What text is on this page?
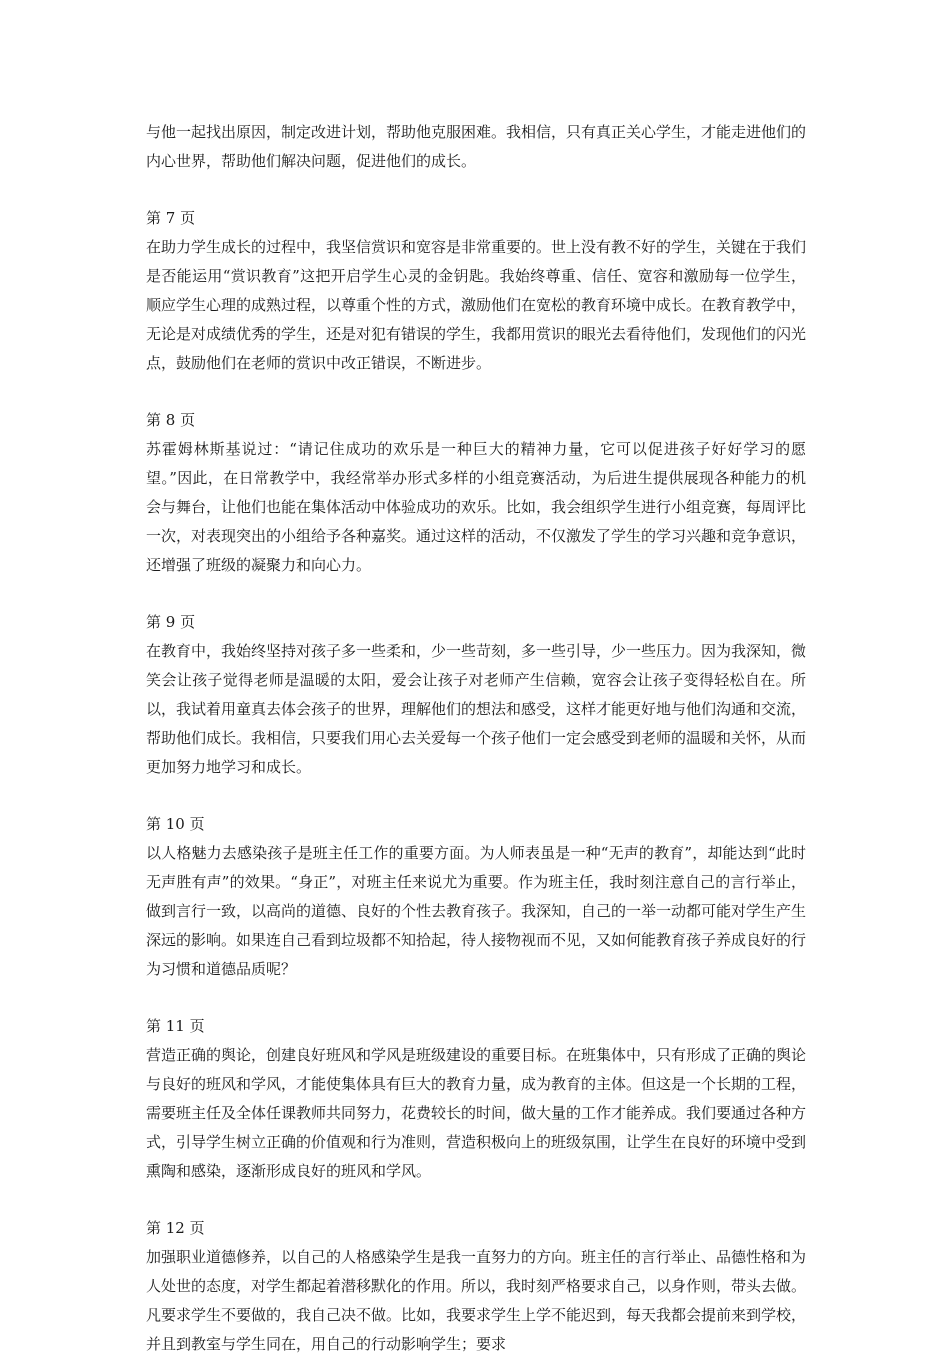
与他一起找出原因，制定改进计划，帮助他克服困难。我相信，只有真正关心学生，才能走进他们的内心世界，帮助他们解决问题，促进他们的成长。

第 7 页

在助力学生成长的过程中，我坚信赏识和宽容是非常重要的。世上没有教不好的学生，关键在于我们是否能运用“赏识教育”这把开启学生心灵的金钥匙。我始终尊重、信任、宽容和激励每一位学生，顺应学生心理的成熟过程，以尊重个性的方式，激励他们在宽松的教育环境中成长。在教育教学中，无论是对成绩优秀的学生，还是对犯有错误的学生，我都用赏识的眼光去看待他们，发现他们的闪光点，鼓励他们在老师的赏识中改正错误，不断进步。

第 8 页

苏霍姆林斯基说过：“请记住成功的欢乐是一种巨大的精神力量，它可以促进孩子好好学习的愿望。”因此，在日常教学中，我经常举办形式多样的小组竞赛活动，为后进生提供展现各种能力的机会与舞台，让他们也能在集体活动中体验成功的欢乐。比如，我会组织学生进行小组竞赛，每周评比一次，对表现突出的小组给予各种嘉奖。通过这样的活动，不仅激发了学生的学习兴趣和竞争意识，还增强了班级的凝聚力和向心力。

第 9 页

在教育中，我始终坚持对孩子多一些柔和，少一些苛刻，多一些引导，少一些压力。因为我深知，微笑会让孩子觉得老师是温暖的太阳，爱会让孩子对老师产生信赖，宽容会让孩子变得轻松自在。所以，我试着用童真去体会孩子的世界，理解他们的想法和感受，这样才能更好地与他们沟通和交流，帮助他们成长。我相信，只要我们用心去关爱每一个孩子他们一定会感受到老师的温暖和关怀，从而更加努力地学习和成长。

第 10 页

以人格魅力去感染孩子是班主任工作的重要方面。为人师表虽是一种“无声的教育”，却能达到“此时无声胜有声”的效果。“身正”，对班主任来说尤为重要。作为班主任，我时刻注意自己的言行举止，做到言行一致，以高尚的道德、良好的个性去教育孩子。我深知，自己的一举一动都可能对学生产生深远的影响。如果连自己看到垃圾都不知拾起，待人接物视而不见，又如何能教育孩子养成良好的行为习惯和道德品质呢？

第 11 页

营造正确的舆论，创建良好班风和学风是班级建设的重要目标。在班集体中，只有形成了正确的舆论与良好的班风和学风，才能使集体具有巨大的教育力量，成为教育的主体。但这是一个长期的工程，需要班主任及全体任课教师共同努力，花费较长的时间，做大量的工作才能养成。我们要通过各种方式，引导学生树立正确的价值观和行为准则，营造积极向上的班级氛围，让学生在良好的环境中受到熏陶和感染，逐渐形成良好的班风和学风。

第 12 页

加强职业道德修养，以自己的人格感染学生是我一直努力的方向。班主任的言行举止、品德性格和为人处世的态度，对学生都起着潜移默化的作用。所以，我时刻严格要求自己，以身作则，带头去做。凡要求学生不要做的，我自己决不做。比如，我要求学生上学不能迟到，每天我都会提前来到学校，并且到教室与学生同在，用自己的行动影响学生；要求
